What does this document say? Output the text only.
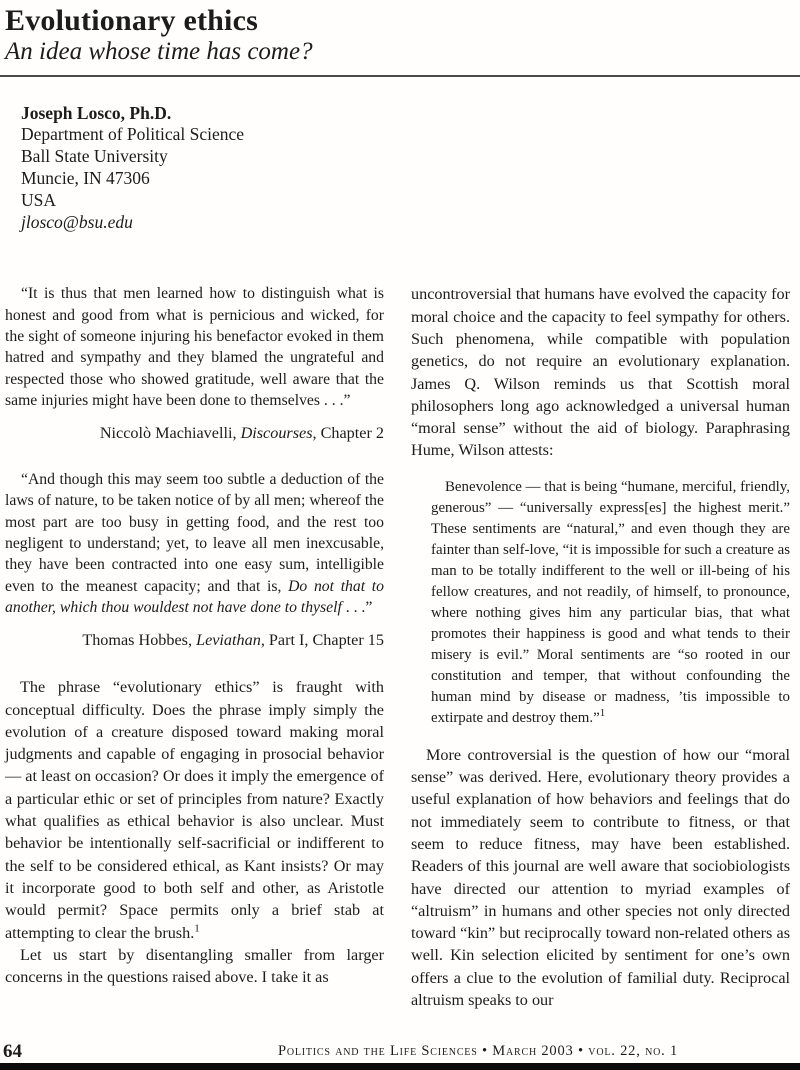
Evolutionary ethics
An idea whose time has come?
Joseph Losco, Ph.D.
Department of Political Science
Ball State University
Muncie, IN 47306
USA
jlosco@bsu.edu

“It is thus that men learned how to distinguish what is honest and good from what is pernicious and wicked, for the sight of someone injuring his benefactor evoked in them hatred and sympathy and they blamed the ungrateful and respected those who showed gratitude, well aware that the same injuries might have been done to themselves . . .”

Niccolò Machiavelli, Discourses, Chapter 2

“And though this may seem too subtle a deduction of the laws of nature, to be taken notice of by all men; whereof the most part are too busy in getting food, and the rest too negligent to understand; yet, to leave all men inexcusable, they have been contracted into one easy sum, intelligible even to the meanest capacity; and that is, Do not that to another, which thou wouldest not have done to thyself . . .”

Thomas Hobbes, Leviathan, Part I, Chapter 15

The phrase “evolutionary ethics” is fraught with conceptual difficulty. Does the phrase imply simply the evolution of a creature disposed toward making moral judgments and capable of engaging in prosocial behavior — at least on occasion? Or does it imply the emergence of a particular ethic or set of principles from nature? Exactly what qualifies as ethical behavior is also unclear. Must behavior be intentionally self-sacrificial or indifferent to the self to be considered ethical, as Kant insists? Or may it incorporate good to both self and other, as Aristotle would permit? Space permits only a brief stab at attempting to clear the brush.$^1$

Let us start by disentangling smaller from larger concerns in the questions raised above. I take it as

uncontroversial that humans have evolved the capacity for moral choice and the capacity to feel sympathy for others. Such phenomena, while compatible with population genetics, do not require an evolutionary explanation. James Q. Wilson reminds us that Scottish moral philosophers long ago acknowledged a universal human “moral sense” without the aid of biology. Paraphrasing Hume, Wilson attests:

Benevolence — that is being “humane, merciful, friendly, generous” — “universally express[es] the highest merit.” These sentiments are “natural,” and even though they are fainter than self-love, “it is impossible for such a creature as man to be totally indifferent to the well or ill-being of his fellow creatures, and not readily, of himself, to pronounce, where nothing gives him any particular bias, that what promotes their happiness is good and what tends to their misery is evil.” Moral sentiments are “so rooted in our constitution and temper, that without confounding the human mind by disease or madness, ’tis impossible to extirpate and destroy them.”$^1$

More controversial is the question of how our “moral sense” was derived. Here, evolutionary theory provides a useful explanation of how behaviors and feelings that do not immediately seem to contribute to fitness, or that seem to reduce fitness, may have been established. Readers of this journal are well aware that sociobiologists have directed our attention to myriad examples of “altruism” in humans and other species not only directed toward “kin” but reciprocally toward non-related others as well. Kin selection elicited by sentiment for one’s own offers a clue to the evolution of familial duty. Reciprocal altruism speaks to our

64	Politics and the Life Sciences • March 2003 • vol. 22, no. 1
